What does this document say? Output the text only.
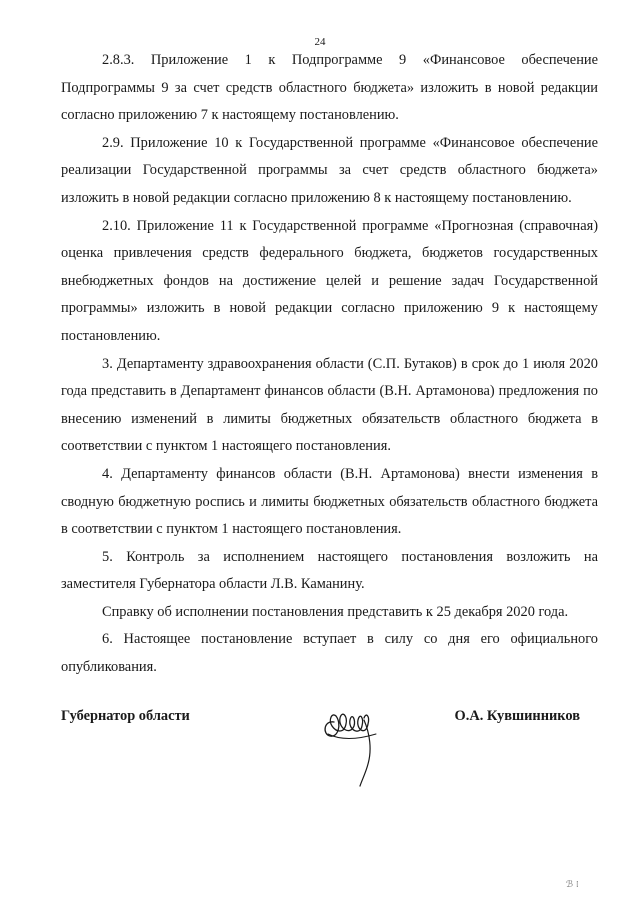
24

2.8.3. Приложение 1 к Подпрограмме 9 «Финансовое обеспечение Подпрограммы 9 за счет средств областного бюджета» изложить в новой редакции согласно приложению 7 к настоящему постановлению.

2.9. Приложение 10 к Государственной программе «Финансовое обеспечение реализации Государственной программы за счет средств областного бюджета» изложить в новой редакции согласно приложению 8 к настоящему постановлению.

2.10. Приложение 11 к Государственной программе «Прогнозная (справочная) оценка привлечения средств федерального бюджета, бюджетов государственных внебюджетных фондов на достижение целей и решение задач Государственной программы» изложить в новой редакции согласно приложению 9 к настоящему постановлению.

3. Департаменту здравоохранения области (С.П. Бутаков) в срок до 1 июля 2020 года представить в Департамент финансов области (В.Н. Артамонова) предложения по внесению изменений в лимиты бюджетных обязательств областного бюджета в соответствии с пунктом 1 настоящего постановления.

4. Департаменту финансов области (В.Н. Артамонова) внести изменения в сводную бюджетную роспись и лимиты бюджетных обязательств областного бюджета в соответствии с пунктом 1 настоящего постановления.

5. Контроль за исполнением настоящего постановления возложить на заместителя Губернатора области Л.В. Каманину.

Справку об исполнении постановления представить к 25 декабря 2020 года.

6. Настоящее постановление вступает в силу со дня его официального опубликования.

Губернатор области	О.А. Кувшинников
ℬ ⁞
